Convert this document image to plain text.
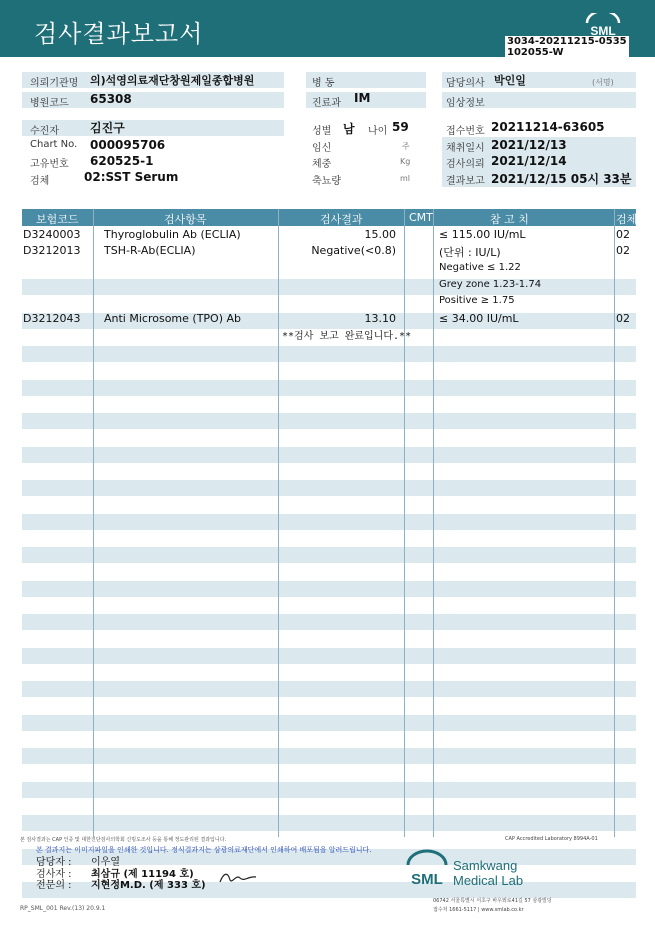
검사결과보고서	3034-20211215-0535
102055-W
SML
의뢰기관명 의)석영의료재단창원제일종합병원	병 동	담당의사 박인일	(서명)
병원코드 65308	진료과 IM	임상정보
수진자	김진구	성별 남 나이 59	접수번호 20211214-63605
Chart No. 000095706	임신	주	채취일시 2021/12/13
고유번호 620525-1	체중	Kg	검사의뢰 2021/12/14
검체	02:SST Serum	축뇨량	ml	결과보고 2021/12/15 05시 33분
보험코드	검사항목	검사결과	CMT	참 고 치	검체
D3240003 Thyroglobulin Ab (ECLIA)	15.00	≤ 115.00 IU/mL	02
D3212013 TSH-R-Ab(ECLIA)	Negative(<0.8)	(단위 : IU/L)	02
Negative ≤ 1.22
Grey zone 1.23-1.74
Positive ≥ 1.75
D3212043 Anti Microsome (TPO) Ab	13.10	≤ 34.00 IU/mL	02
**검사 보고 완료입니다.**
본 검사결과는 CAP 인증 및 대한진단검사의학회 신빙도조사 등을 통해 정도관리된 결과입니다.	CAP Accredited Laboratory 8994A-01
본 결과지는 이미지파일을 인쇄한 것입니다. 정식결과지는 삼광의료재단에서 인쇄하여 배포됨을 알려드립니다.
담당자 : 이우열
검사자 : 최삼규 (제 11194 호)
전문의 : 지현정M.D. (제 333 호)	SML
Samkwang
Medical Lab
06742 서울특별시 서초구 바우뫼로41길 57 삼광빌딩
접수처 1661-5117 | www.smlab.co.kr
RP_SML_001 Rev.(13) 20.9.1
